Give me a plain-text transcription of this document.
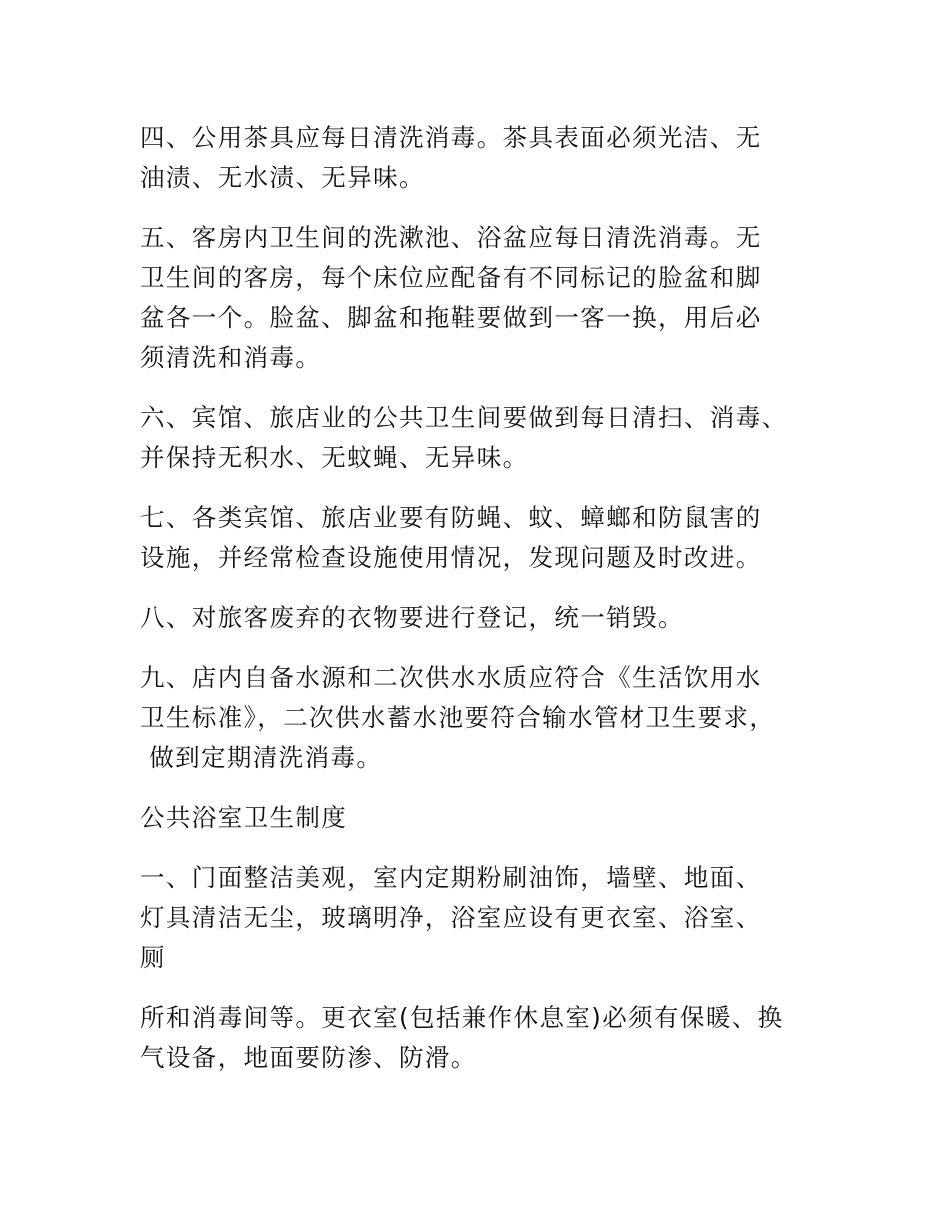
四、公用茶具应每日清洗消毒。茶具表面必须光洁、无
油渍、无水渍、无异味。

五、客房内卫生间的洗漱池、浴盆应每日清洗消毒。无
卫生间的客房，每个床位应配备有不同标记的脸盆和脚
盆各一个。脸盆、脚盆和拖鞋要做到一客一换，用后必
须清洗和消毒。

六、宾馆、旅店业的公共卫生间要做到每日清扫、消毒、
并保持无积水、无蚊蝇、无异味。

七、各类宾馆、旅店业要有防蝇、蚊、蟑螂和防鼠害的
设施，并经常检查设施使用情况，发现问题及时改进。

八、对旅客废弃的衣物要进行登记，统一销毁。

九、店内自备水源和二次供水水质应符合《生活饮用水
卫生标准》，二次供水蓄水池要符合输水管材卫生要求，
做到定期清洗消毒。

公共浴室卫生制度

一、门面整洁美观，室内定期粉刷油饰，墙壁、地面、
灯具清洁无尘，玻璃明净，浴室应设有更衣室、浴室、
厕

所和消毒间等。更衣室(包括兼作休息室)必须有保暖、换
气设备，地面要防渗、防滑。
